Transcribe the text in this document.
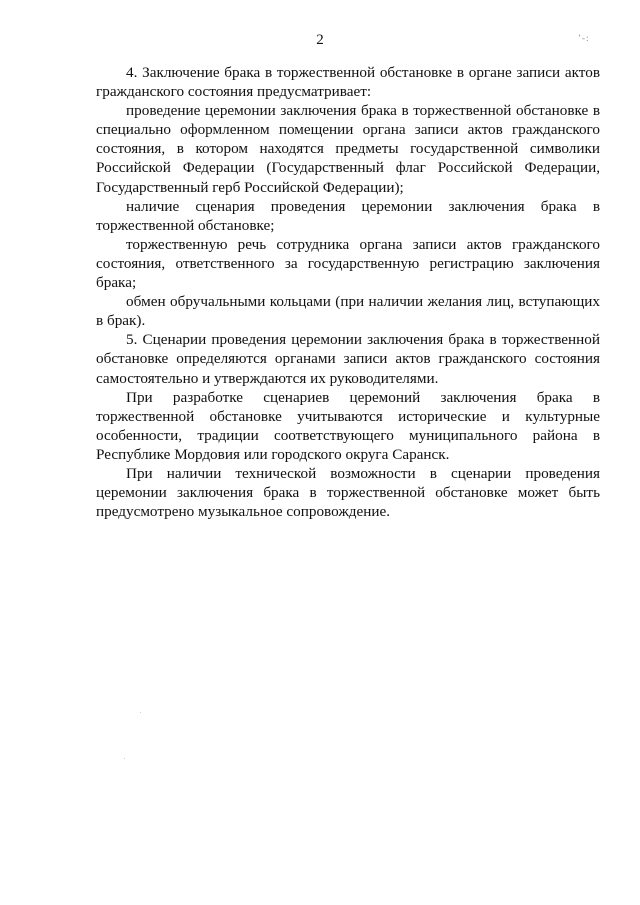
2	’-:

4. Заключение брака в торжественной обстановке в органе записи актов гражданского состояния предусматривает:

проведение церемонии заключения брака в торжественной обстановке в специально оформленном помещении органа записи актов гражданского состояния, в котором находятся предметы государственной символики Российской Федерации (Государственный флаг Российской Федерации, Государственный герб Российской Федерации);

наличие сценария проведения церемонии заключения брака в торжественной обстановке;

торжественную речь сотрудника органа записи актов гражданского состояния, ответственного за государственную регистрацию заключения брака;

обмен обручальными кольцами (при наличии желания лиц, вступающих в брак).

5. Сценарии проведения церемонии заключения брака в торжественной обстановке определяются органами записи актов гражданского состояния самостоятельно и утверждаются их руководителями.

При разработке сценариев церемоний заключения брака в торжественной обстановке учитываются исторические и культурные особенности, традиции соответствующего муниципального района в Республике Мордовия или городского округа Саранск.

При наличии технической возможности в сценарии проведения церемонии заключения брака в торжественной обстановке может быть предусмотрено музыкальное сопровождение.
